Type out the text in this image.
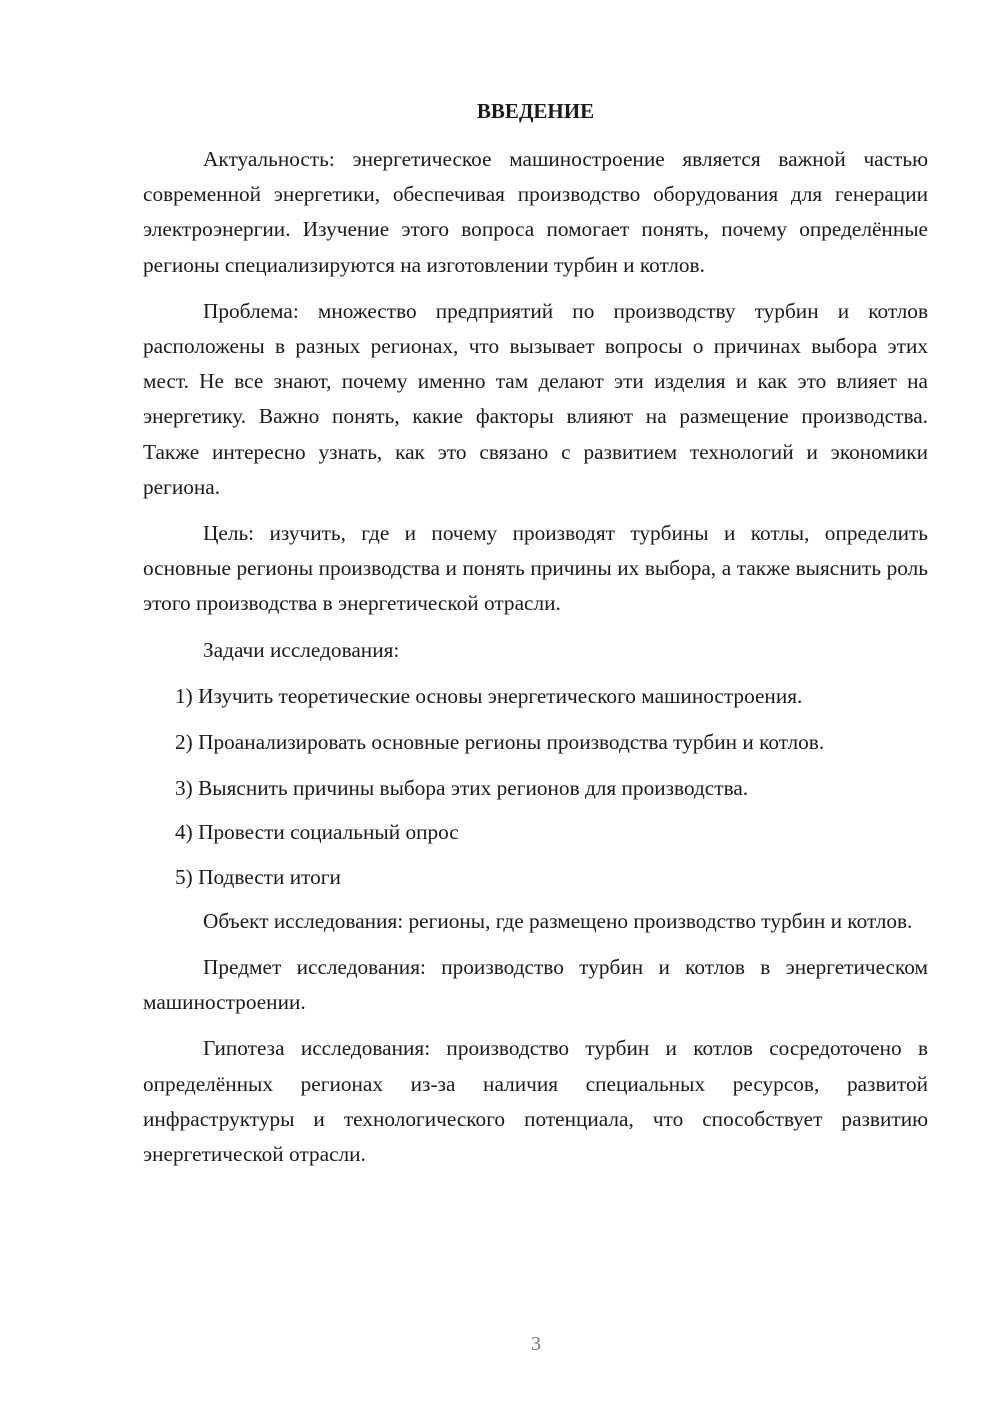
ВВЕДЕНИЕ

Актуальность: энергетическое машиностроение является важной частью современной энергетики, обеспечивая производство оборудования для генерации электроэнергии. Изучение этого вопроса помогает понять, почему определённые регионы специализируются на изготовлении турбин и котлов.

Проблема: множество предприятий по производству турбин и котлов расположены в разных регионах, что вызывает вопросы о причинах выбора этих мест. Не все знают, почему именно там делают эти изделия и как это влияет на энергетику. Важно понять, какие факторы влияют на размещение производства. Также интересно узнать, как это связано с развитием технологий и экономики региона.

Цель: изучить, где и почему производят турбины и котлы, определить основные регионы производства и понять причины их выбора, а также выяснить роль этого производства в энергетической отрасли.

Задачи исследования:

1) Изучить теоретические основы энергетического машиностроения.

2) Проанализировать основные регионы производства турбин и котлов.

3) Выяснить причины выбора этих регионов для производства.

4) Провести социальный опрос

5) Подвести итоги

Объект исследования: регионы, где размещено производство турбин и котлов.

Предмет исследования: производство турбин и котлов в энергетическом машиностроении.

Гипотеза исследования: производство турбин и котлов сосредоточено в определённых регионах из-за наличия специальных ресурсов, развитой инфраструктуры и технологического потенциала, что способствует развитию энергетической отрасли.

3
